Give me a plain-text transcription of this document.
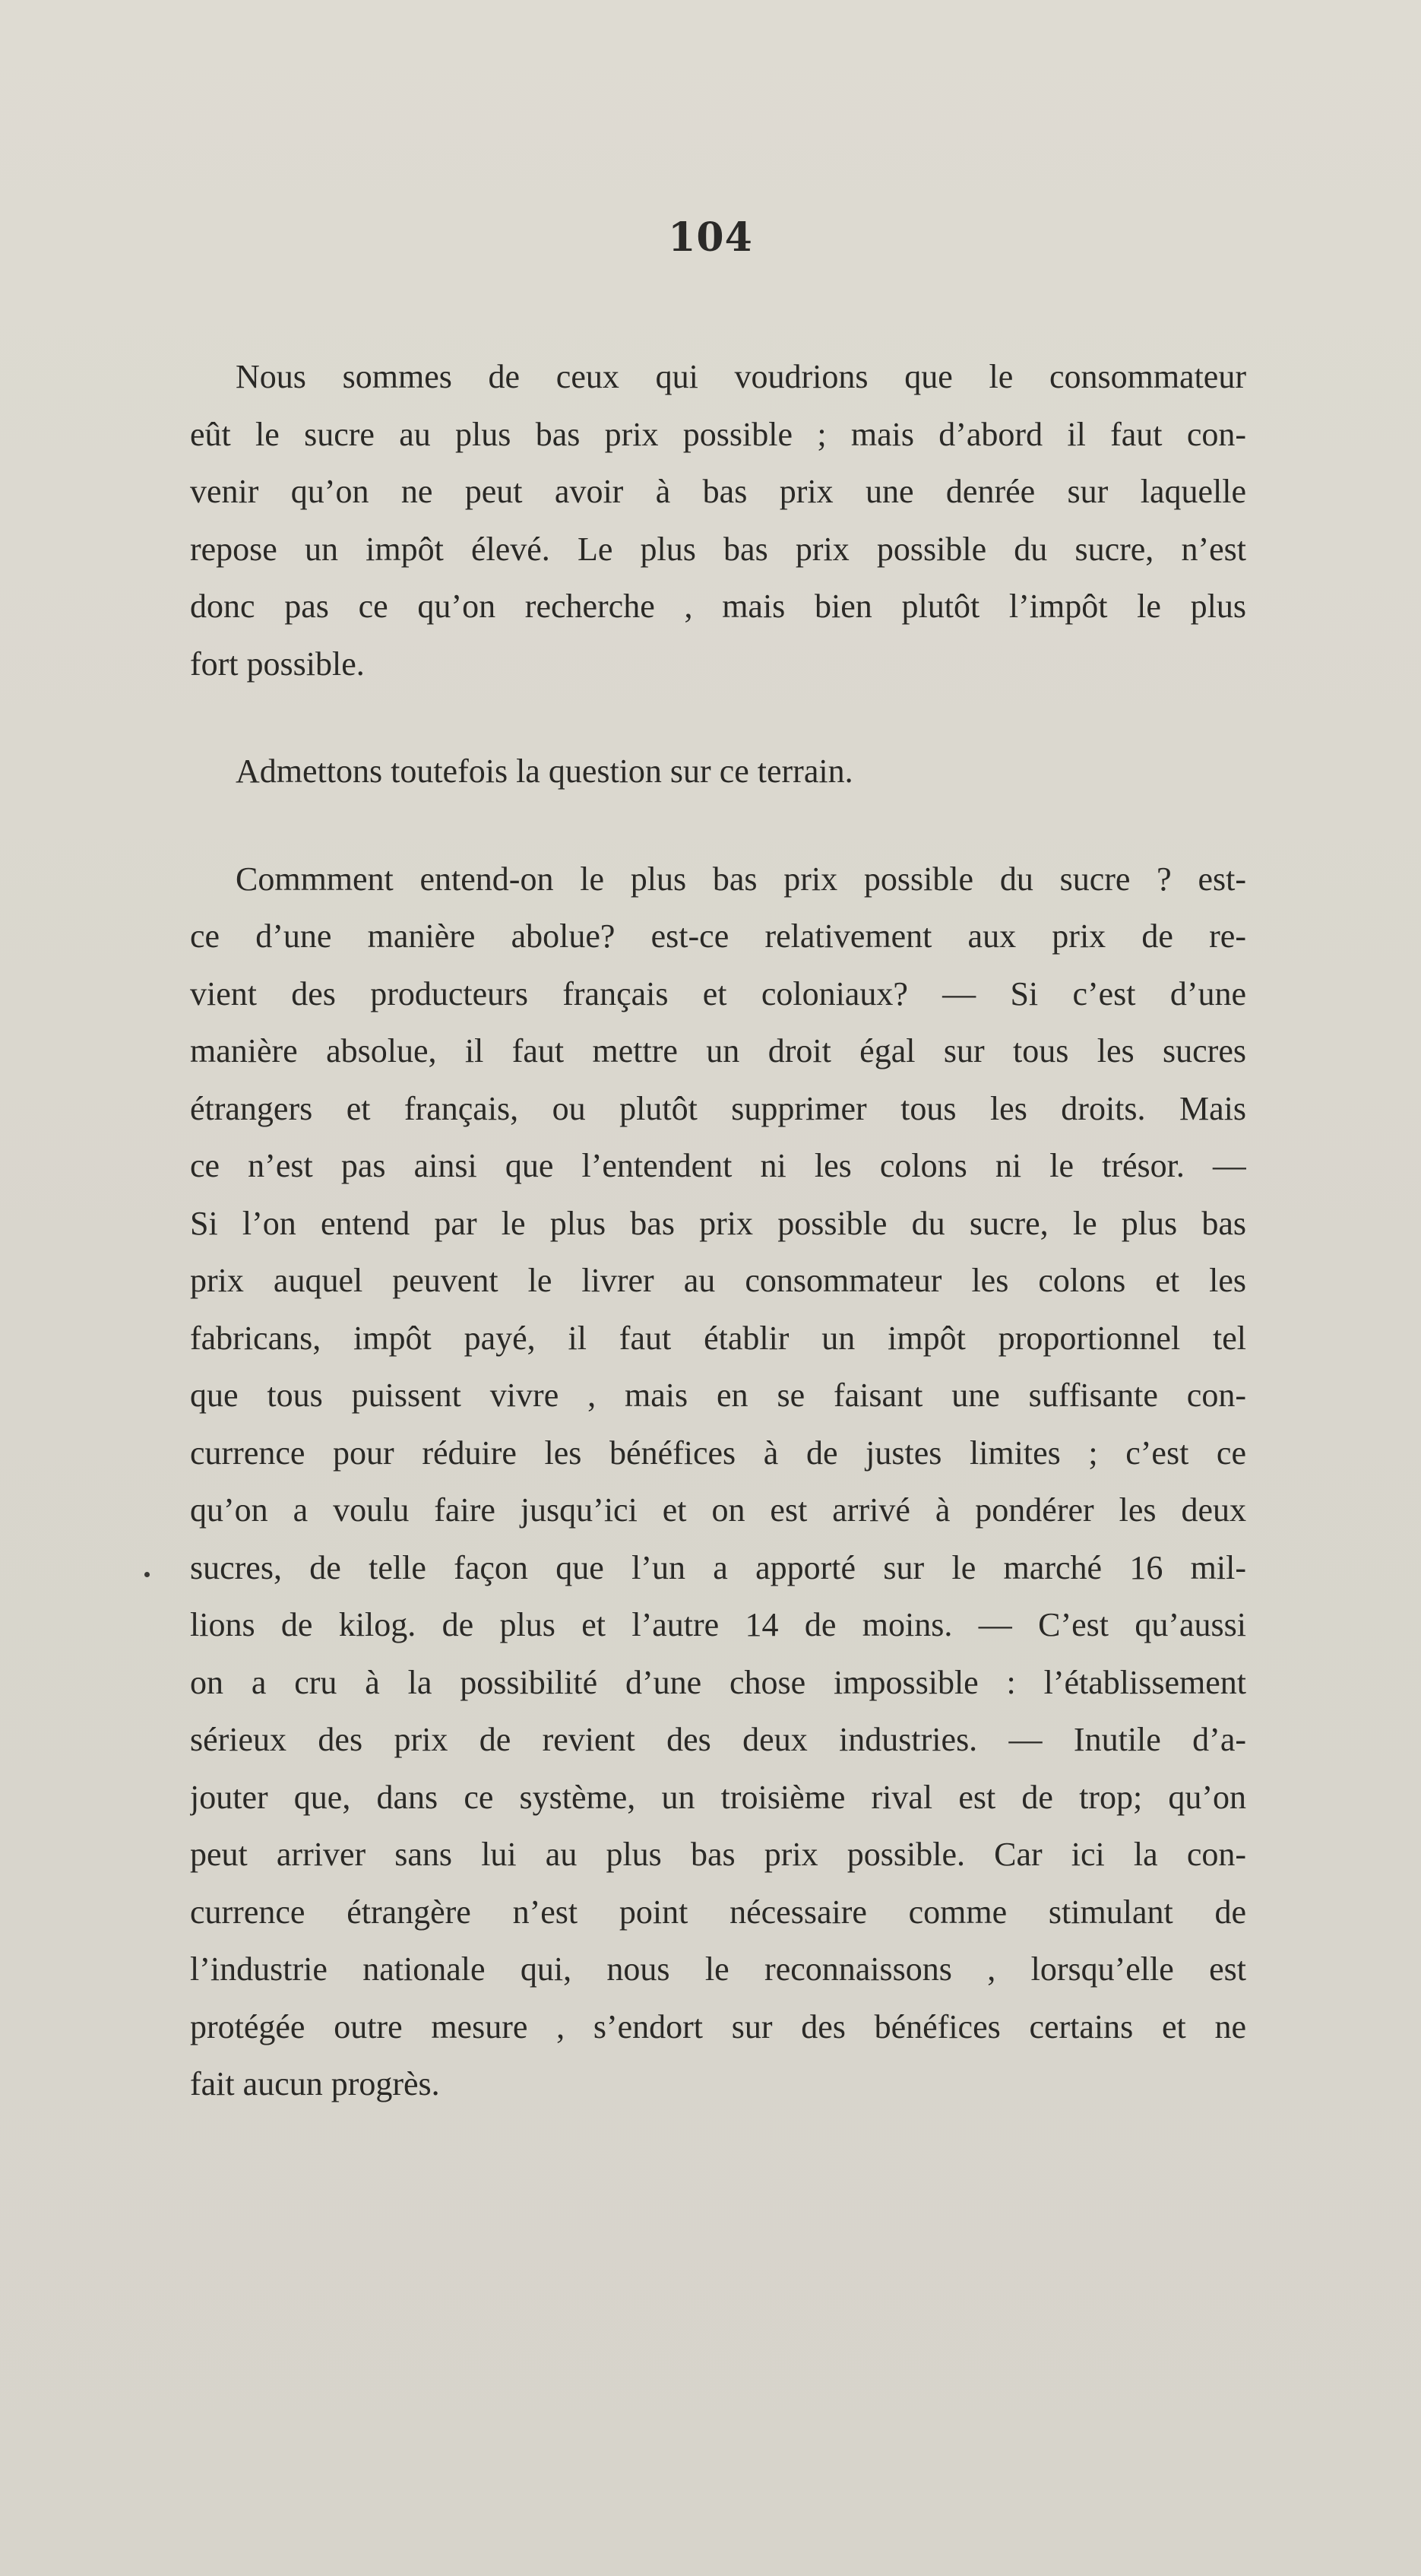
104
Nous sommes de ceux qui voudrions que le consommateur
eût le sucre au plus bas prix possible ; mais d’abord il faut con-
venir qu’on ne peut avoir à bas prix une denrée sur laquelle
repose un impôt élevé. Le plus bas prix possible du sucre, n’est
donc pas ce qu’on recherche , mais bien plutôt l’impôt le plus
fort possible.
Admettons toutefois la question sur ce terrain.
Commment entend-on le plus bas prix possible du sucre ? est-
ce d’une manière abolue? est-ce relativement aux prix de re-
vient des producteurs français et coloniaux? — Si c’est d’une
manière absolue, il faut mettre un droit égal sur tous les sucres
étrangers et français, ou plutôt supprimer tous les droits. Mais
ce n’est pas ainsi que l’entendent ni les colons ni le trésor. —
Si l’on entend par le plus bas prix possible du sucre, le plus bas
prix auquel peuvent le livrer au consommateur les colons et les
fabricans, impôt payé, il faut établir un impôt proportionnel tel
que tous puissent vivre , mais en se faisant une suffisante con-
currence pour réduire les bénéfices à de justes limites ; c’est ce
qu’on a voulu faire jusqu’ici et on est arrivé à pondérer les deux
sucres, de telle façon que l’un a apporté sur le marché 16 mil-
lions de kilog. de plus et l’autre 14 de moins. — C’est qu’aussi
on a cru à la possibilité d’une chose impossible : l’établissement
sérieux des prix de revient des deux industries. — Inutile d’a-
jouter que, dans ce système, un troisième rival est de trop; qu’on
peut arriver sans lui au plus bas prix possible. Car ici la con-
currence étrangère n’est point nécessaire comme stimulant de
l’industrie nationale qui, nous le reconnaissons , lorsqu’elle est
protégée outre mesure , s’endort sur des bénéfices certains et ne
fait aucun progrès.
